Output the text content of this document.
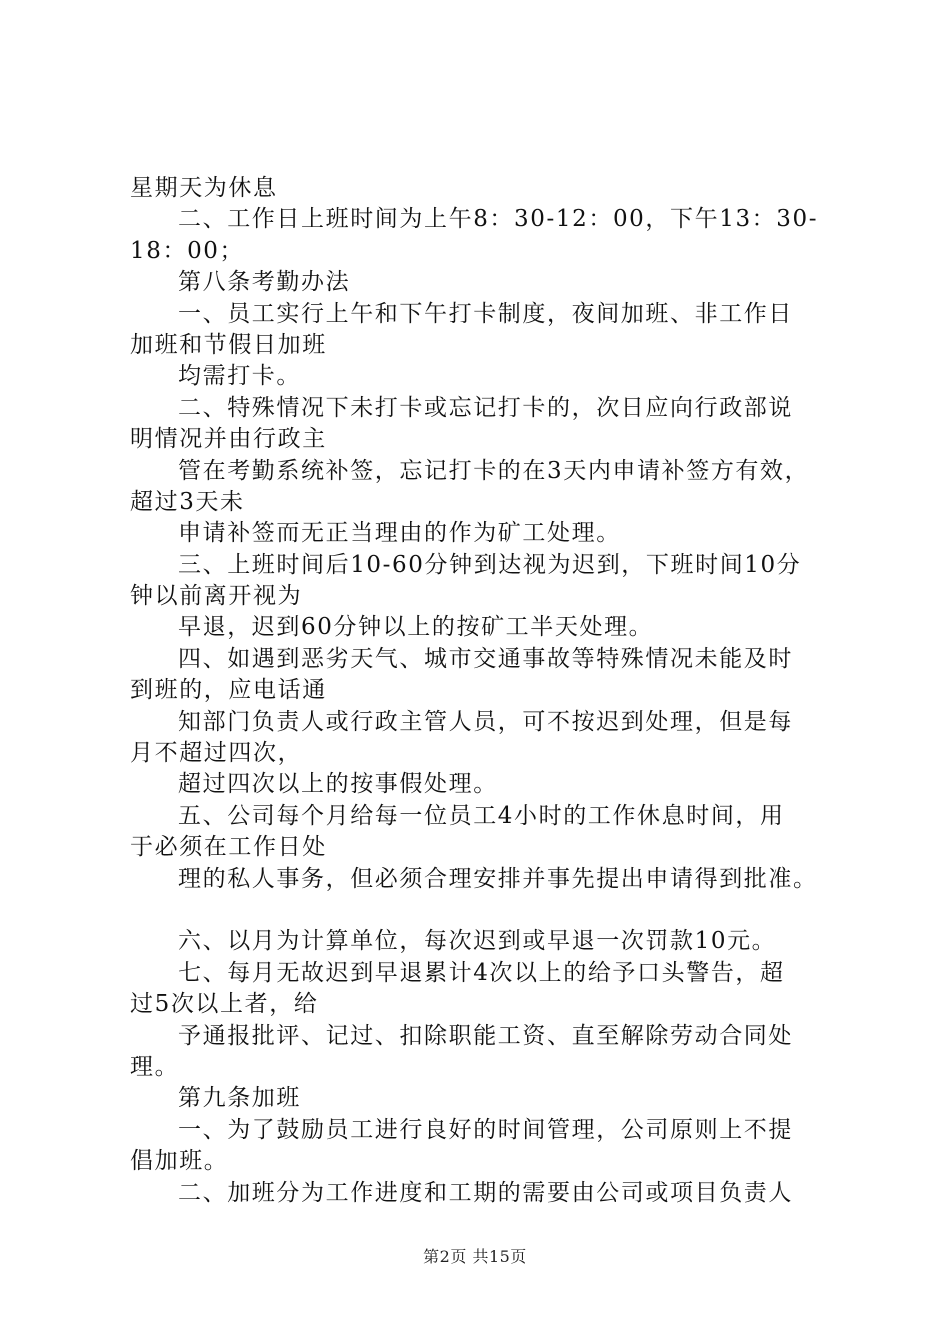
星期天为休息
二、工作日上班时间为上午8：30-12：00，下午13：30-
18：00；
第八条考勤办法
一、员工实行上午和下午打卡制度，夜间加班、非工作日
加班和节假日加班
均需打卡。
二、特殊情况下未打卡或忘记打卡的，次日应向行政部说
明情况并由行政主
管在考勤系统补签，忘记打卡的在3天内申请补签方有效，
超过3天未
申请补签而无正当理由的作为矿工处理。
三、上班时间后10-60分钟到达视为迟到，下班时间10分
钟以前离开视为
早退，迟到60分钟以上的按矿工半天处理。
四、如遇到恶劣天气、城市交通事故等特殊情况未能及时
到班的，应电话通
知部门负责人或行政主管人员，可不按迟到处理，但是每
月不超过四次，
超过四次以上的按事假处理。
五、公司每个月给每一位员工4小时的工作休息时间，用
于必须在工作日处
理的私人事务，但必须合理安排并事先提出申请得到批准。
六、以月为计算单位，每次迟到或早退一次罚款10元。
七、每月无故迟到早退累计4次以上的给予口头警告，超
过5次以上者，给
予通报批评、记过、扣除职能工资、直至解除劳动合同处
理。
第九条加班
一、为了鼓励员工进行良好的时间管理，公司原则上不提
倡加班。
二、加班分为工作进度和工期的需要由公司或项目负责人
第2页 共15页
